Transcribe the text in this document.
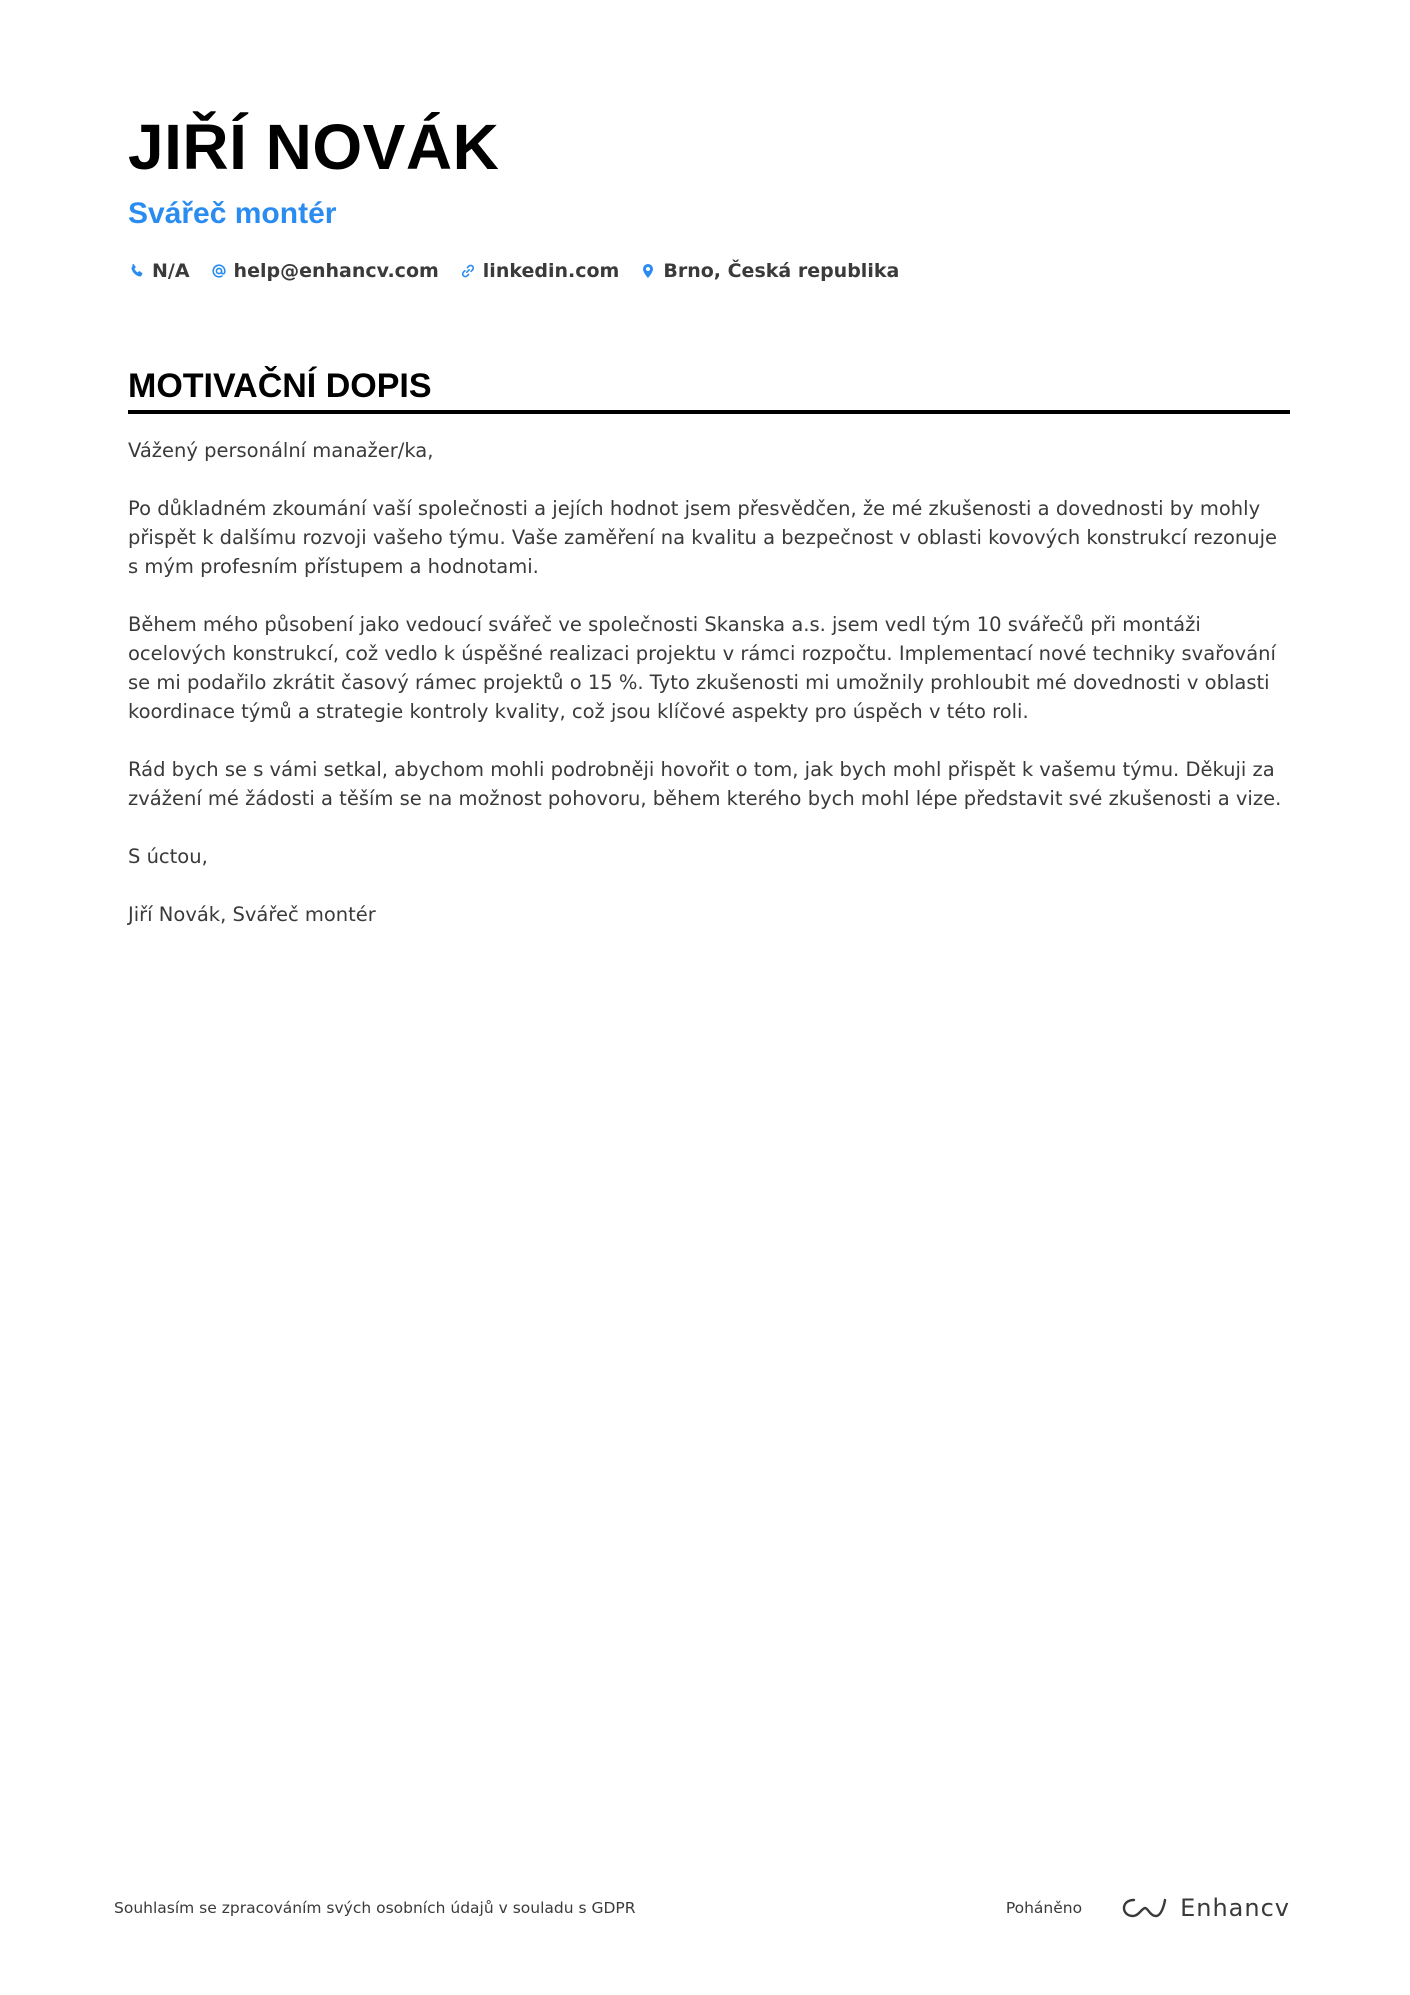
JIŘÍ NOVÁK
Svářeč montér
N/A help@enhancv.com linkedin.com Brno, Česká republika
MOTIVAČNÍ DOPIS

Vážený personální manažer/ka,

Po důkladném zkoumání vaší společnosti a jejích hodnot jsem přesvědčen, že mé zkušenosti a dovednosti by mohly přispět k dalšímu rozvoji vašeho týmu. Vaše zaměření na kvalitu a bezpečnost v oblasti kovových konstrukcí rezonuje s mým profesním přístupem a hodnotami.

Během mého působení jako vedoucí svářeč ve společnosti Skanska a.s. jsem vedl tým 10 svářečů při montáži ocelových konstrukcí, což vedlo k úspěšné realizaci projektu v rámci rozpočtu. Implementací nové techniky svařování se mi podařilo zkrátit časový rámec projektů o 15 %. Tyto zkušenosti mi umožnily prohloubit mé dovednosti v oblasti koordinace týmů a strategie kontroly kvality, což jsou klíčové aspekty pro úspěch v této roli.

Rád bych se s vámi setkal, abychom mohli podrobněji hovořit o tom, jak bych mohl přispět k vašemu týmu. Děkuji za zvážení mé žádosti a těším se na možnost pohovoru, během kterého bych mohl lépe představit své zkušenosti a vize.

S úctou,

Jiří Novák, Svářeč montér

Souhlasím se zpracováním svých osobních údajů v souladu s GDPR	Poháněno	Enhancv
